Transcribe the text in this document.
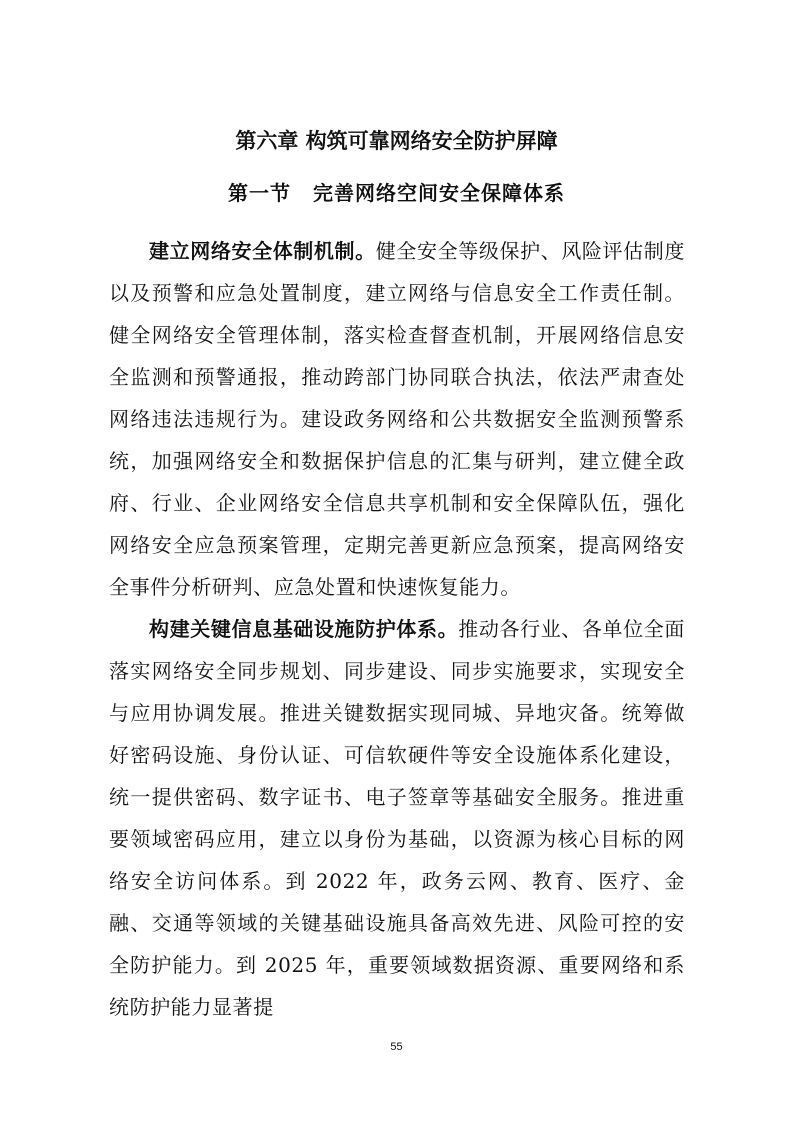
第六章 构筑可靠网络安全防护屏障
第一节 完善网络空间安全保障体系

建立网络安全体制机制。健全安全等级保护、风险评估制度以及预警和应急处置制度，建立网络与信息安全工作责任制。健全网络安全管理体制，落实检查督查机制，开展网络信息安全监测和预警通报，推动跨部门协同联合执法，依法严肃查处网络违法违规行为。建设政务网络和公共数据安全监测预警系统，加强网络安全和数据保护信息的汇集与研判，建立健全政府、行业、企业网络安全信息共享机制和安全保障队伍，强化网络安全应急预案管理，定期完善更新应急预案，提高网络安全事件分析研判、应急处置和快速恢复能力。

构建关键信息基础设施防护体系。推动各行业、各单位全面落实网络安全同步规划、同步建设、同步实施要求，实现安全与应用协调发展。推进关键数据实现同城、异地灾备。统筹做好密码设施、身份认证、可信软硬件等安全设施体系化建设，统一提供密码、数字证书、电子签章等基础安全服务。推进重要领域密码应用，建立以身份为基础，以资源为核心目标的网络安全访问体系。到 2022 年，政务云网、教育、医疗、金融、交通等领域的关键基础设施具备高效先进、风险可控的安全防护能力。到 2025 年，重要领域数据资源、重要网络和系统防护能力显著提

55
